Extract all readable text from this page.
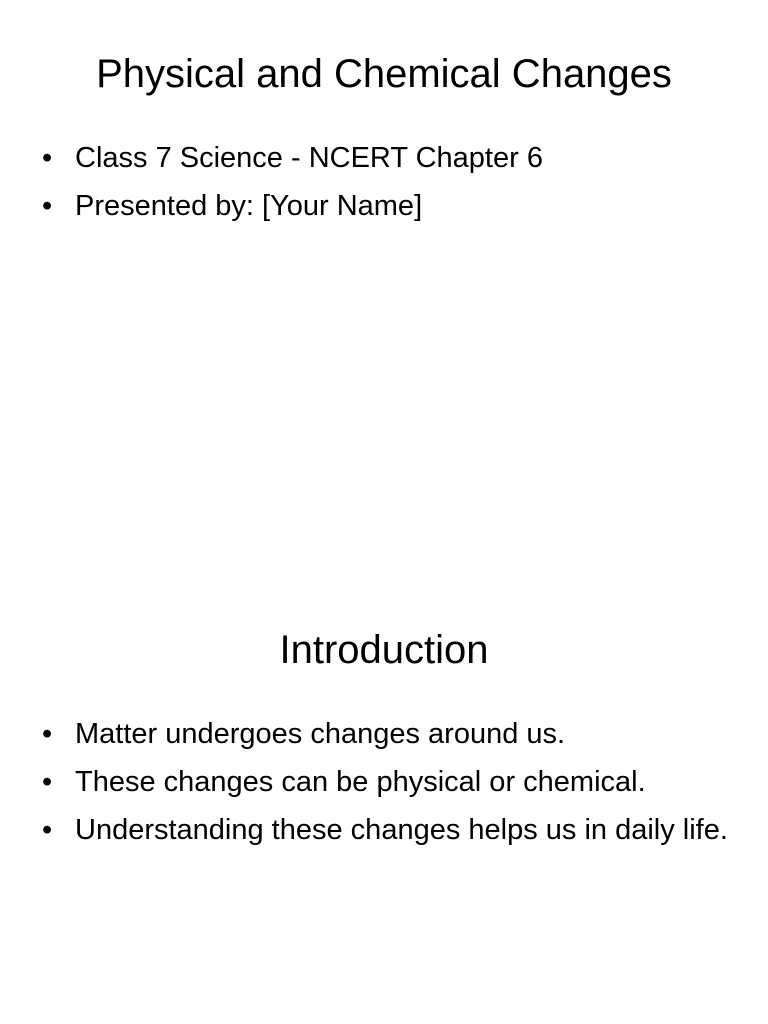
Physical and Chemical Changes
• Class 7 Science - NCERT Chapter 6
• Presented by: [Your Name]
Introduction
• Matter undergoes changes around us.
• These changes can be physical or chemical.
• Understanding these changes helps us in daily life.
